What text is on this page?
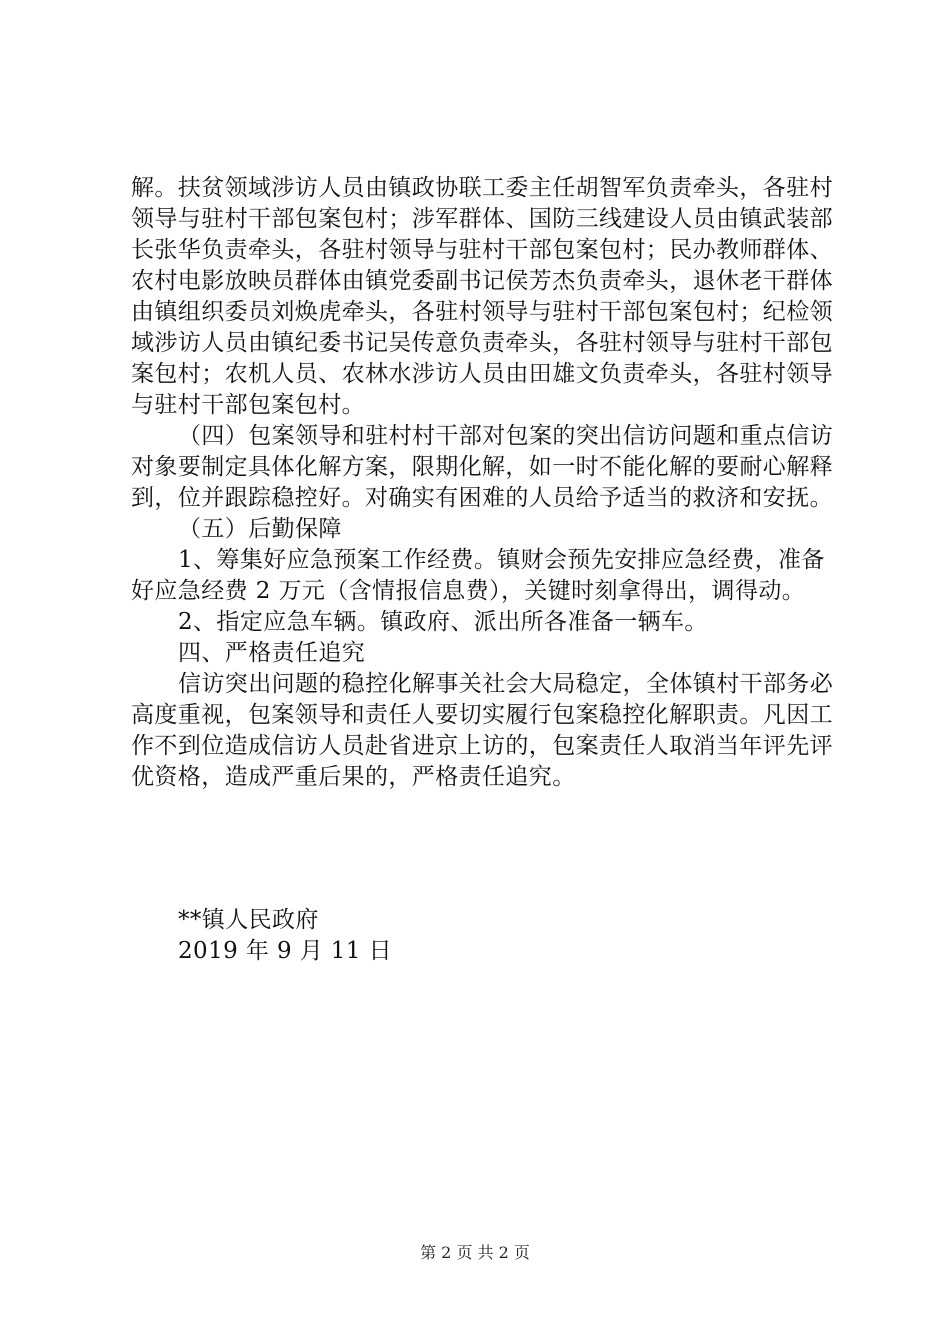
解。扶贫领域涉访人员由镇政协联工委主任胡智军负责牵头，各驻村领导与驻村干部包案包村；涉军群体、国防三线建设人员由镇武装部长张华负责牵头，各驻村领导与驻村干部包案包村；民办教师群体、农村电影放映员群体由镇党委副书记侯芳杰负责牵头，退休老干群体由镇组织委员刘焕虎牵头，各驻村领导与驻村干部包案包村；纪检领域涉访人员由镇纪委书记吴传意负责牵头，各驻村领导与驻村干部包案包村；农机人员、农林水涉访人员由田雄文负责牵头，各驻村领导与驻村干部包案包村。

（四）包案领导和驻村村干部对包案的突出信访问题和重点信访对象要制定具体化解方案，限期化解，如一时不能化解的要耐心解释到，位并跟踪稳控好。对确实有困难的人员给予适当的救济和安抚。

（五）后勤保障

1、筹集好应急预案工作经费。镇财会预先安排应急经费，准备好应急经费 2 万元（含情报信息费），关键时刻拿得出，调得动。

2、指定应急车辆。镇政府、派出所各准备一辆车。

四、严格责任追究

信访突出问题的稳控化解事关社会大局稳定，全体镇村干部务必高度重视，包案领导和责任人要切实履行包案稳控化解职责。凡因工作不到位造成信访人员赴省进京上访的，包案责任人取消当年评先评优资格，造成严重后果的，严格责任追究。

**镇人民政府
2019 年 9 月 11 日
第 2 页 共 2 页
